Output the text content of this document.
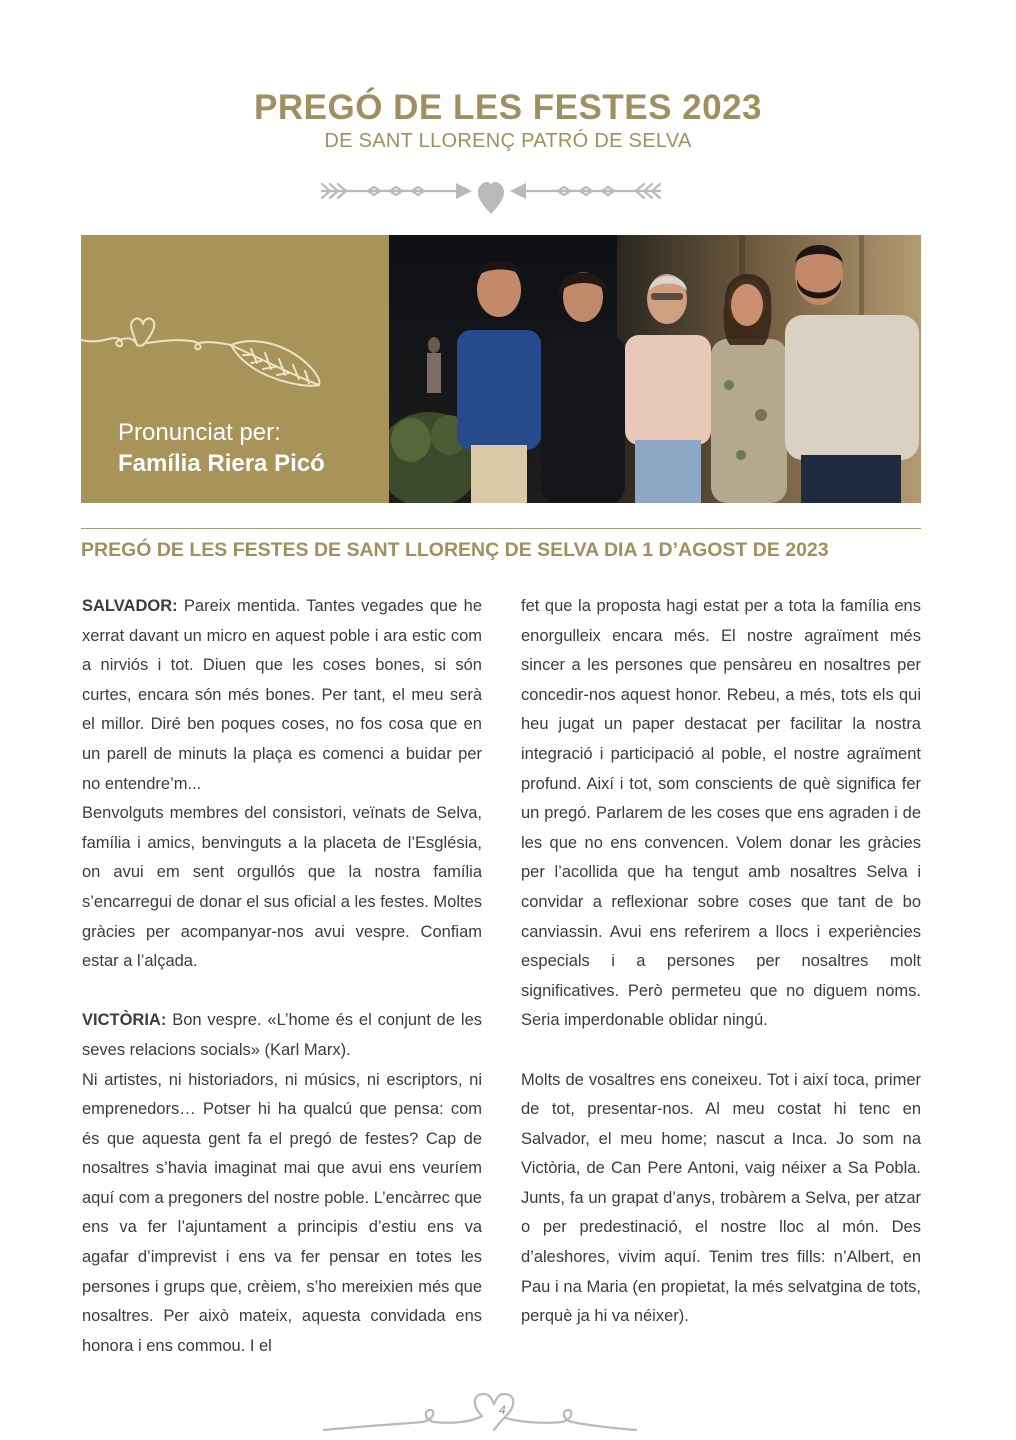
PREGÓ DE LES FESTES 2023
DE SANT LLORENÇ PATRÓ DE SELVA
Pronunciat per:
Família Riera Picó
PREGÓ DE LES FESTES DE SANT LLORENÇ DE SELVA DIA 1 D’AGOST DE 2023

SALVADOR: Pareix mentida. Tantes vegades que he xerrat davant un micro en aquest poble i ara estic com a nirviós i tot. Diuen que les coses bones, si són curtes, encara són més bones. Per tant, el meu serà el millor. Diré ben poques coses, no fos cosa que en un parell de minuts la plaça es comenci a buidar per no entendre’m...

Benvolguts membres del consistori, veïnats de Selva, família i amics, benvinguts a la placeta de l’Església, on avui em sent orgullós que la nostra família s’encarregui de donar el sus oficial a les festes. Moltes gràcies per acompanyar-nos avui vespre. Confiam estar a l’alçada.

VICTÒRIA: Bon vespre. «L’home és el conjunt de les seves relacions socials» (Karl Marx).

Ni artistes, ni historiadors, ni músics, ni escriptors, ni emprenedors… Potser hi ha qualcú que pensa: com és que aquesta gent fa el pregó de festes? Cap de nosaltres s’havia imaginat mai que avui ens veuríem aquí com a pregoners del nostre poble. L’encàrrec que ens va fer l’ajuntament a principis d’estiu ens va agafar d’imprevist i ens va fer pensar en totes les persones i grups que, crèiem, s’ho mereixien més que nosaltres. Per això mateix, aquesta convidada ens honora i ens commou. I el

fet que la proposta hagi estat per a tota la família ens enorgulleix encara més. El nostre agraïment més sincer a les persones que pensàreu en nosaltres per concedir-nos aquest honor. Rebeu, a més, tots els qui heu jugat un paper destacat per facilitar la nostra integració i participació al poble, el nostre agraïment profund. Així i tot, som conscients de què significa fer un pregó. Parlarem de les coses que ens agraden i de les que no ens convencen. Volem donar les gràcies per l’acollida que ha tengut amb nosaltres Selva i convidar a reflexionar sobre coses que tant de bo canviassin. Avui ens referirem a llocs i experiències especials i a persones per nosaltres molt significatives. Però permeteu que no diguem noms. Seria imperdonable oblidar ningú.

Molts de vosaltres ens coneixeu. Tot i així toca, primer de tot, presentar-nos. Al meu costat hi tenc en Salvador, el meu home; nascut a Inca. Jo som na Victòria, de Can Pere Antoni, vaig néixer a Sa Pobla. Junts, fa un grapat d’anys, trobàrem a Selva, per atzar o per predestinació, el nostre lloc al món. Des d’aleshores, vivim aquí. Tenim tres fills: n’Albert, en Pau i na Maria (en propietat, la més selvatgina de tots, perquè ja hi va néixer).

4
